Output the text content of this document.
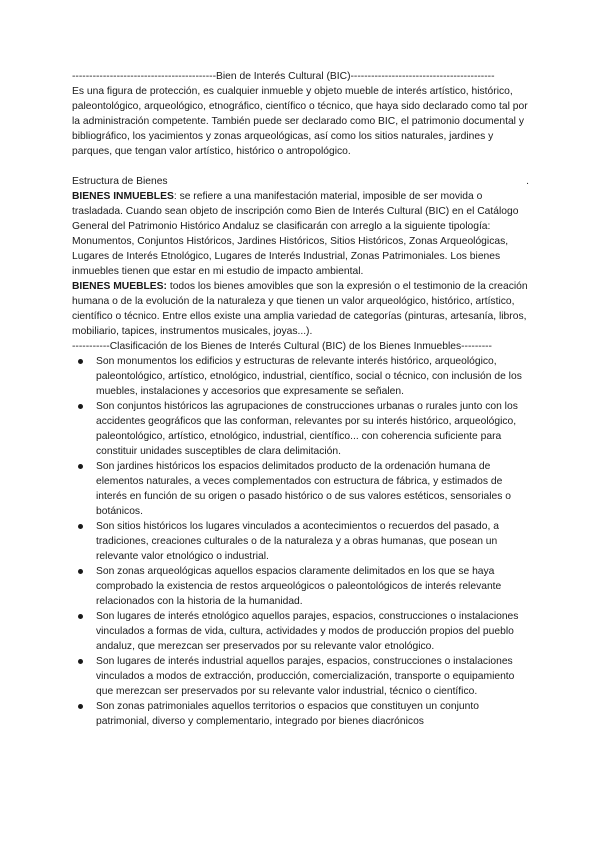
------------------------------------------Bien de Interés Cultural (BIC)------------------------------------------

Es una figura de protección, es cualquier inmueble y objeto mueble de interés artístico, histórico, paleontológico, arqueológico, etnográfico, científico o técnico, que haya sido declarado como tal por la administración competente. También puede ser declarado como BIC, el patrimonio documental y bibliográfico, los yacimientos y zonas arqueológicas, así como los sitios naturales, jardines y parques, que tengan valor artístico, histórico o antropológico.

Estructura de Bienes	.

BIENES INMUEBLES: se refiere a una manifestación material, imposible de ser movida o trasladada. Cuando sean objeto de inscripción como Bien de Interés Cultural (BIC) en el Catálogo General del Patrimonio Histórico Andaluz se clasificarán con arreglo a la siguiente tipología: Monumentos, Conjuntos Históricos, Jardines Históricos, Sitios Históricos, Zonas Arqueológicas, Lugares de Interés Etnológico, Lugares de Interés Industrial, Zonas Patrimoniales. Los bienes inmuebles tienen que estar en mi estudio de impacto ambiental.

BIENES MUEBLES: todos los bienes amovibles que son la expresión o el testimonio de la creación humana o de la evolución de la naturaleza y que tienen un valor arqueológico, histórico, artístico, científico o técnico. Entre ellos existe una amplia variedad de categorías (pinturas, artesanía, libros, mobiliario, tapices, instrumentos musicales, joyas...).

-----------Clasificación de los Bienes de Interés Cultural (BIC) de los Bienes Inmuebles---------

Son monumentos los edificios y estructuras de relevante interés histórico, arqueológico, paleontológico, artístico, etnológico, industrial, científico, social o técnico, con inclusión de los muebles, instalaciones y accesorios que expresamente se señalen.
Son conjuntos históricos las agrupaciones de construcciones urbanas o rurales junto con los accidentes geográficos que las conforman, relevantes por su interés histórico, arqueológico, paleontológico, artístico, etnológico, industrial, científico... con coherencia suficiente para constituir unidades susceptibles de clara delimitación.
Son jardines históricos los espacios delimitados producto de la ordenación humana de elementos naturales, a veces complementados con estructura de fábrica, y estimados de interés en función de su origen o pasado histórico o de sus valores estéticos, sensoriales o botánicos.
Son sitios históricos los lugares vinculados a acontecimientos o recuerdos del pasado, a tradiciones, creaciones culturales o de la naturaleza y a obras humanas, que posean un relevante valor etnológico o industrial.
Son zonas arqueológicas aquellos espacios claramente delimitados en los que se haya comprobado la existencia de restos arqueológicos o paleontológicos de interés relevante relacionados con la historia de la humanidad.
Son lugares de interés etnológico aquellos parajes, espacios, construcciones o instalaciones vinculados a formas de vida, cultura, actividades y modos de producción propios del pueblo andaluz, que merezcan ser preservados por su relevante valor etnológico.
Son lugares de interés industrial aquellos parajes, espacios, construcciones o instalaciones vinculados a modos de extracción, producción, comercialización, transporte o equipamiento que merezcan ser preservados por su relevante valor industrial, técnico o científico.
Son zonas patrimoniales aquellos territorios o espacios que constituyen un conjunto patrimonial, diverso y complementario, integrado por bienes diacrónicos
